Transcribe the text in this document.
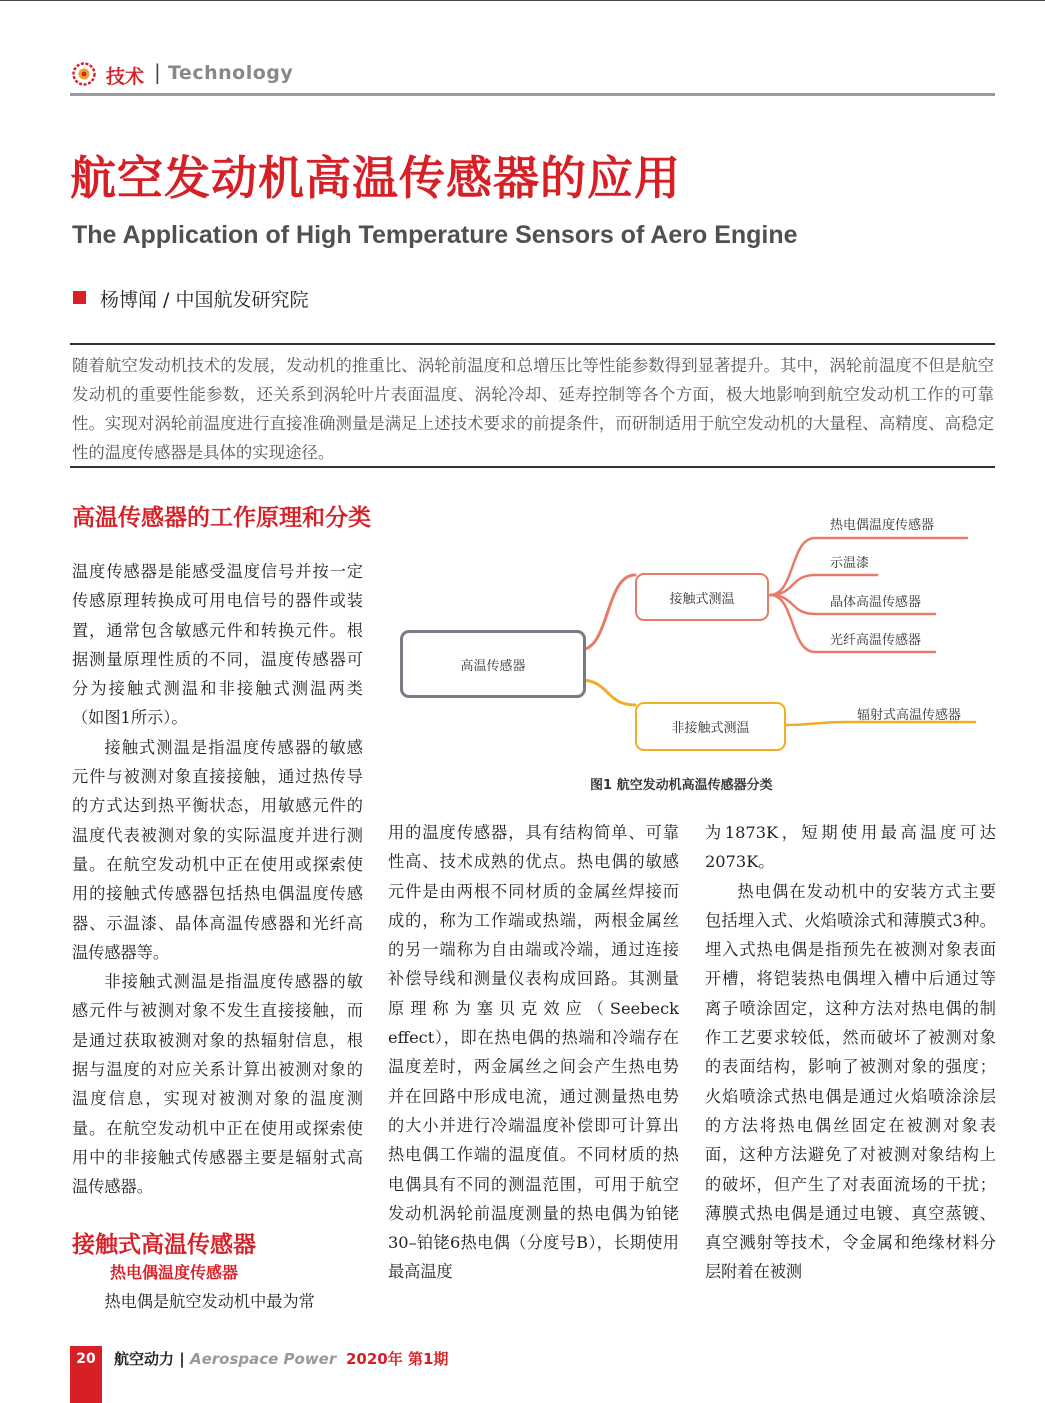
技术 | Technology
航空发动机高温传感器的应用
The Application of High Temperature Sensors of Aero Engine
杨博闻 / 中国航发研究院
随着航空发动机技术的发展，发动机的推重比、涡轮前温度和总增压比等性能参数得到显著提升。其中，涡轮前温度不但是航空发动机的重要性能参数，还关系到涡轮叶片表面温度、涡轮冷却、延寿控制等各个方面，极大地影响到航空发动机工作的可靠性。实现对涡轮前温度进行直接准确测量是满足上述技术要求的前提条件，而研制适用于航空发动机的大量程、高精度、高稳定性的温度传感器是具体的实现途径。
高温传感器的工作原理和分类

温度传感器是能感受温度信号并按一定传感原理转换成可用电信号的器件或装置，通常包含敏感元件和转换元件。根据测量原理性质的不同，温度传感器可分为接触式测温和非接触式测温两类（如图1所示）。

接触式测温是指温度传感器的敏感元件与被测对象直接接触，通过热传导的方式达到热平衡状态，用敏感元件的温度代表被测对象的实际温度并进行测量。在航空发动机中正在使用或探索使用的接触式传感器包括热电偶温度传感器、示温漆、晶体高温传感器和光纤高温传感器等。

非接触式测温是指温度传感器的敏感元件与被测对象不发生直接接触，而是通过获取被测对象的热辐射信息，根据与温度的对应关系计算出被测对象的温度信息，实现对被测对象的温度测量。在航空发动机中正在使用或探索使用中的非接触式传感器主要是辐射式高温传感器。

接触式高温传感器
热电偶温度传感器

热电偶是航空发动机中最为常

高温传感器
接触式测温
非接触式测温
热电偶温度传感器
示温漆
晶体高温传感器
光纤高温传感器
辐射式高温传感器
图1 航空发动机高温传感器分类

用的温度传感器，具有结构简单、可靠性高、技术成熟的优点。热电偶的敏感元件是由两根不同材质的金属丝焊接而成的，称为工作端或热端，两根金属丝的另一端称为自由端或冷端，通过连接补偿导线和测量仪表构成回路。其测量原理称为塞贝克效应（Seebeck effect），即在热电偶的热端和冷端存在温度差时，两金属丝之间会产生热电势并在回路中形成电流，通过测量热电势的大小并进行冷端温度补偿即可计算出热电偶工作端的温度值。不同材质的热电偶具有不同的测温范围，可用于航空发动机涡轮前温度测量的热电偶为铂铑30–铂铑6热电偶（分度号B），长期使用最高温度

为1873K，短期使用最高温度可达2073K。

热电偶在发动机中的安装方式主要包括埋入式、火焰喷涂式和薄膜式3种。埋入式热电偶是指预先在被测对象表面开槽，将铠装热电偶埋入槽中后通过等离子喷涂固定，这种方法对热电偶的制作工艺要求较低，然而破坏了被测对象的表面结构，影响了被测对象的强度；火焰喷涂式热电偶是通过火焰喷涂涂层的方法将热电偶丝固定在被测对象表面，这种方法避免了对被测对象结构上的破坏，但产生了对表面流场的干扰；薄膜式热电偶是通过电镀、真空蒸镀、真空溅射等技术，令金属和绝缘材料分层附着在被测

20	航空动力 | Aerospace Power 2020年 第1期
